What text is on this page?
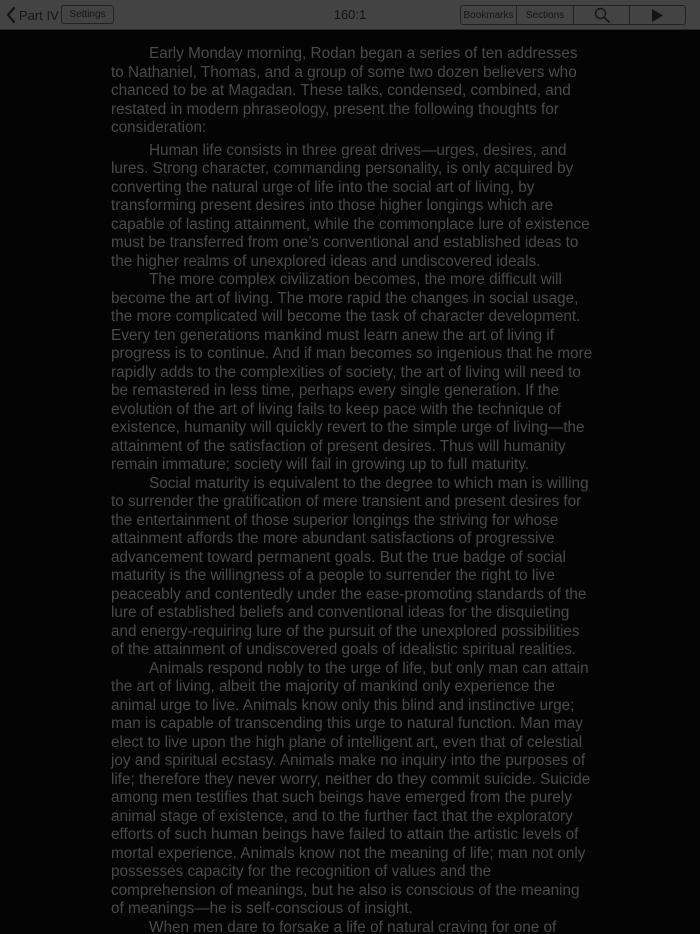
Part IV	Settings	160:1	Bookmarks	Sections

Early Monday morning, Rodan began a series of ten addresses to Nathaniel, Thomas, and a group of some two dozen believers who chanced to be at Magadan. These talks, condensed, combined, and restated in modern phraseology, present the following thoughts for consideration:

Human life consists in three great drives—urges, desires, and lures. Strong character, commanding personality, is only acquired by converting the natural urge of life into the social art of living, by transforming present desires into those higher longings which are capable of lasting attainment, while the commonplace lure of existence must be transferred from one’s conventional and established ideas to the higher realms of unexplored ideas and undiscovered ideals.

The more complex civilization becomes, the more difficult will become the art of living. The more rapid the changes in social usage, the more complicated will become the task of character development. Every ten generations mankind must learn anew the art of living if progress is to continue. And if man becomes so ingenious that he more rapidly adds to the complexities of society, the art of living will need to be remastered in less time, perhaps every single generation. If the evolution of the art of living fails to keep pace with the technique of existence, humanity will quickly revert to the simple urge of living—the attainment of the satisfaction of present desires. Thus will humanity remain immature; society will fail in growing up to full maturity.

Social maturity is equivalent to the degree to which man is willing to surrender the gratification of mere transient and present desires for the entertainment of those superior longings the striving for whose attainment affords the more abundant satisfactions of progressive advancement toward permanent goals. But the true badge of social maturity is the willingness of a people to surrender the right to live peaceably and contentedly under the ease-promoting standards of the lure of established beliefs and conventional ideas for the disquieting and energy-requiring lure of the pursuit of the unexplored possibilities of the attainment of undiscovered goals of idealistic spiritual realities.

Animals respond nobly to the urge of life, but only man can attain the art of living, albeit the majority of mankind only experience the animal urge to live. Animals know only this blind and instinctive urge; man is capable of transcending this urge to natural function. Man may elect to live upon the high plane of intelligent art, even that of celestial joy and spiritual ecstasy. Animals make no inquiry into the purposes of life; therefore they never worry, neither do they commit suicide. Suicide among men testifies that such beings have emerged from the purely animal stage of existence, and to the further fact that the exploratory efforts of such human beings have failed to attain the artistic levels of mortal experience. Animals know not the meaning of life; man not only possesses capacity for the recognition of values and the comprehension of meanings, but he also is conscious of the meaning of meanings—he is self-conscious of insight.

When men dare to forsake a life of natural craving for one of
